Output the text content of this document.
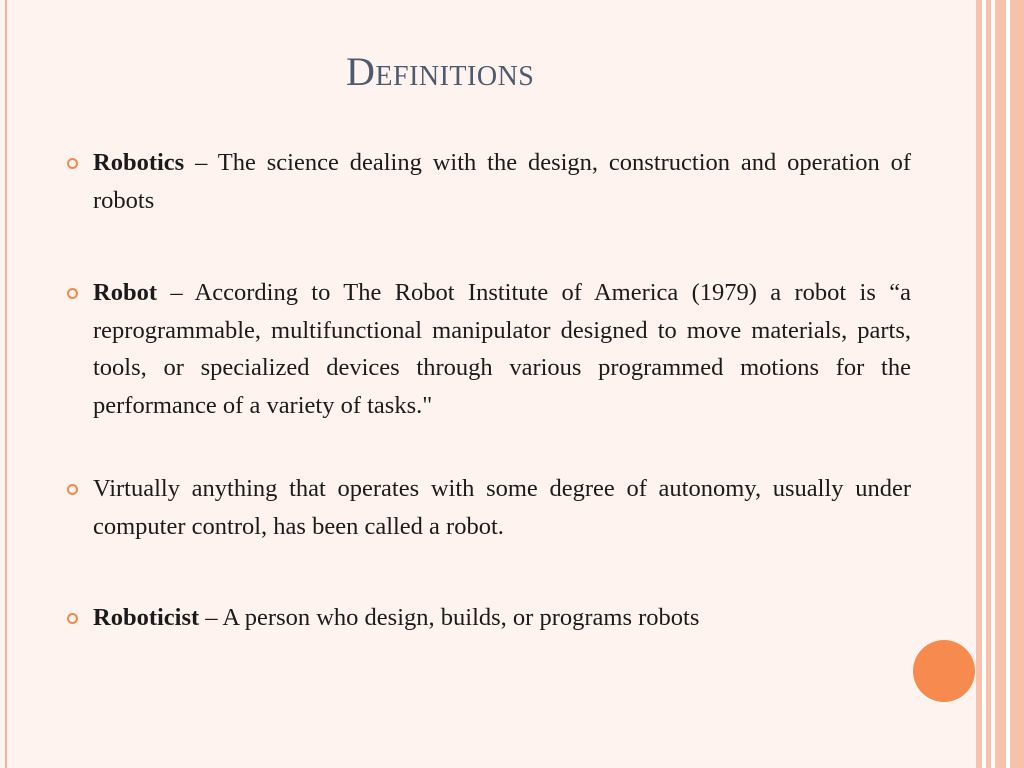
Definitions
Robotics – The science dealing with the design, construction and operation of robots
Robot – According to The Robot Institute of America (1979) a robot is “a reprogrammable, multifunctional manipulator designed to move materials, parts, tools, or specialized devices through various programmed motions for the performance of a variety of tasks."
Virtually anything that operates with some degree of autonomy, usually under computer control, has been called a robot.
Roboticist – A person who design, builds, or programs robots
